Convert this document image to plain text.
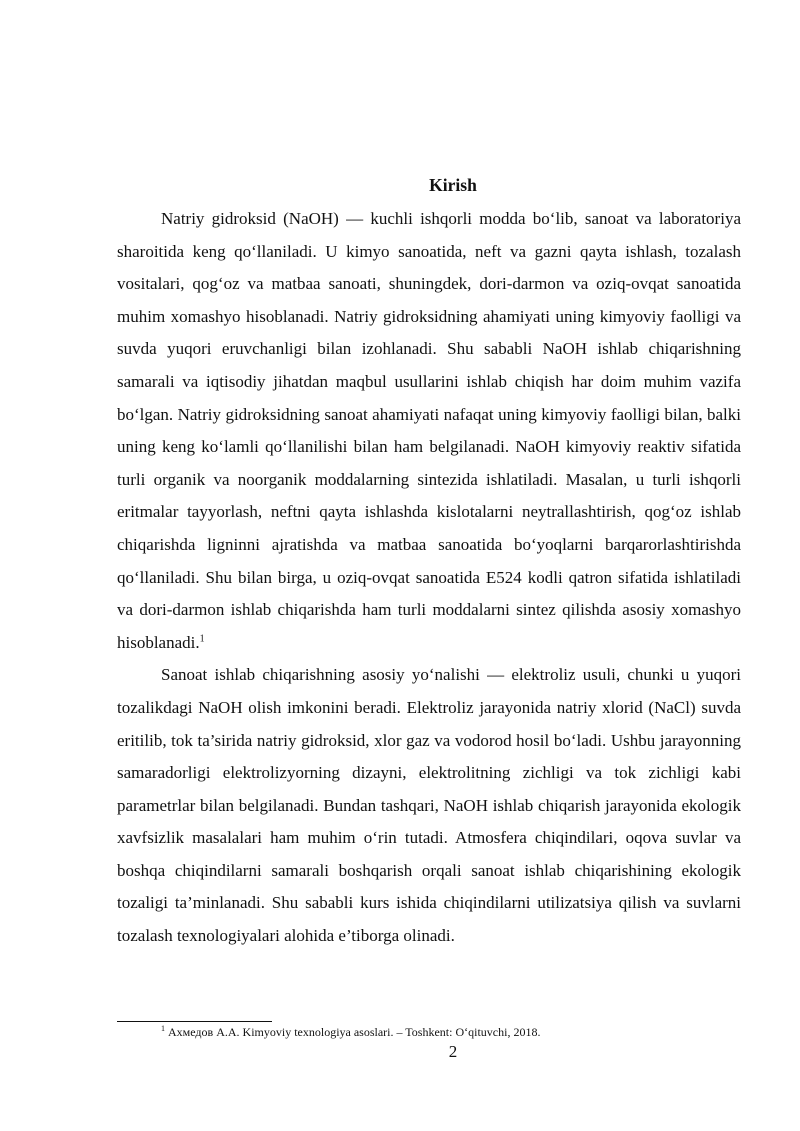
Kirish

Natriy gidroksid (NaOH) — kuchli ishqorli modda bo‘lib, sanoat va laboratoriya sharoitida keng qo‘llaniladi. U kimyo sanoatida, neft va gazni qayta ishlash, tozalash vositalari, qog‘oz va matbaa sanoati, shuningdek, dori-darmon va oziq-ovqat sanoatida muhim xomashyo hisoblanadi. Natriy gidroksidning ahamiyati uning kimyoviy faolligi va suvda yuqori eruvchanligi bilan izohlanadi. Shu sababli NaOH ishlab chiqarishning samarali va iqtisodiy jihatdan maqbul usullarini ishlab chiqish har doim muhim vazifa bo‘lgan. Natriy gidroksidning sanoat ahamiyati nafaqat uning kimyoviy faolligi bilan, balki uning keng ko‘lamli qo‘llanilishi bilan ham belgilanadi. NaOH kimyoviy reaktiv sifatida turli organik va noorganik moddalarning sintezida ishlatiladi. Masalan, u turli ishqorli eritmalar tayyorlash, neftni qayta ishlashda kislotalarni neytrallashtirish, qog‘oz ishlab chiqarishda ligninni ajratishda va matbaa sanoatida bo‘yoqlarni barqarorlashtirishda qo‘llaniladi. Shu bilan birga, u oziq-ovqat sanoatida E524 kodli qatron sifatida ishlatiladi va dori-darmon ishlab chiqarishda ham turli moddalarni sintez qilishda asosiy xomashyo hisoblanadi.$^1$

Sanoat ishlab chiqarishning asosiy yo‘nalishi — elektroliz usuli, chunki u yuqori tozalikdagi NaOH olish imkonini beradi. Elektroliz jarayonida natriy xlorid (NaCl) suvda eritilib, tok ta’sirida natriy gidroksid, xlor gaz va vodorod hosil bo‘ladi. Ushbu jarayonning samaradorligi elektrolizyorning dizayni, elektrolitning zichligi va tok zichligi kabi parametrlar bilan belgilanadi. Bundan tashqari, NaOH ishlab chiqarish jarayonida ekologik xavfsizlik masalalari ham muhim o‘rin tutadi. Atmosfera chiqindilari, oqova suvlar va boshqa chiqindilarni samarali boshqarish orqali sanoat ishlab chiqarishining ekologik tozaligi ta’minlanadi. Shu sababli kurs ishida chiqindilarni utilizatsiya qilish va suvlarni tozalash texnologiyalari alohida e’tiborga olinadi.

$^1$ Ахмедов А.А. Kimyoviy texnologiya asoslari. – Toshkent: O‘qituvchi, 2018.
2
